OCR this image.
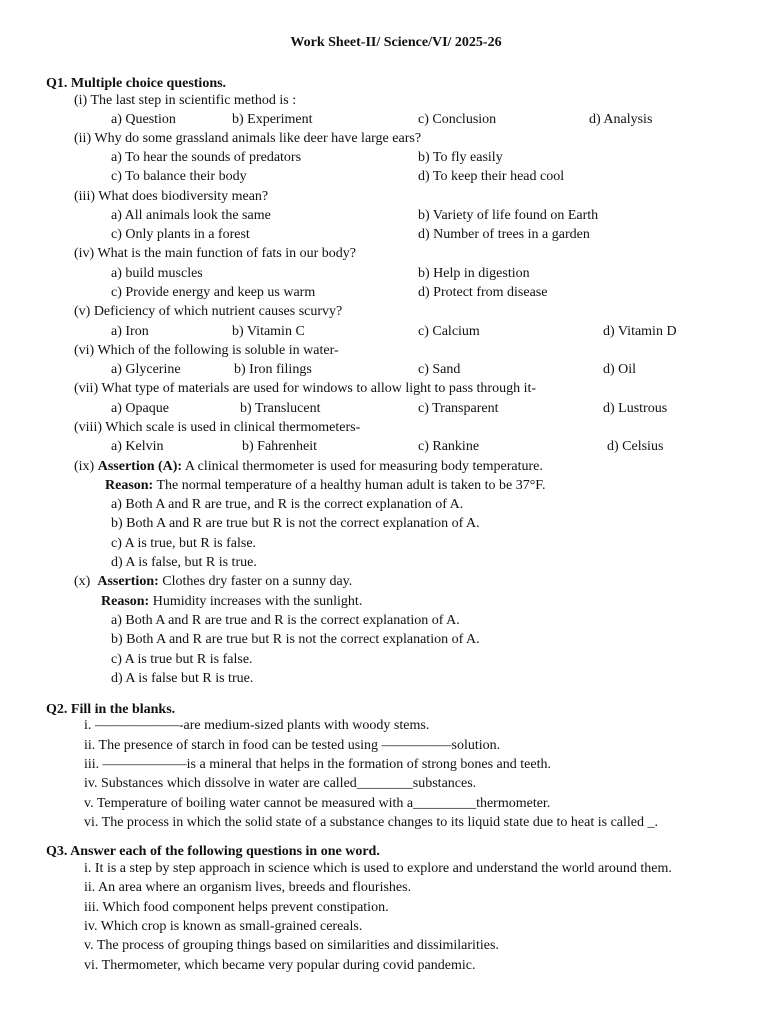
Work Sheet-II/ Science/VI/ 2025-26
Q1. Multiple choice questions.
(i) The last step in scientific method is :
a) Question	b) Experiment	c) Conclusion	d) Analysis
(ii) Why do some grassland animals like deer have large ears?
a) To hear the sounds of predators	b) To fly easily
c) To balance their body	d) To keep their head cool
(iii) What does biodiversity mean?
a) All animals look the same	b) Variety of life found on Earth
c) Only plants in a forest	d) Number of trees in a garden
(iv) What is the main function of fats in our body?
a) build muscles	b) Help in digestion
c) Provide energy and keep us warm	d) Protect from disease
(v) Deficiency of which nutrient causes scurvy?
a) Iron	b) Vitamin C	c) Calcium	d) Vitamin D
(vi) Which of the following is soluble in water-
a) Glycerine	b) Iron filings	c) Sand	d) Oil
(vii) What type of materials are used for windows to allow light to pass through it-
a) Opaque	b) Translucent	c) Transparent	d) Lustrous
(viii) Which scale is used in clinical thermometers-
a) Kelvin	b) Fahrenheit	c) Rankine	d) Celsius
(ix) Assertion (A): A clinical thermometer is used for measuring body temperature.
Reason: The normal temperature of a healthy human adult is taken to be 37°F.
a) Both A and R are true, and R is the correct explanation of A.
b) Both A and R are true but R is not the correct explanation of A.
c) A is true, but R is false.
d) A is false, but R is true.
(x) Assertion: Clothes dry faster on a sunny day.
Reason: Humidity increases with the sunlight.
a) Both A and R are true and R is the correct explanation of A.
b) Both A and R are true but R is not the correct explanation of A.
c) A is true but R is false.
d) A is false but R is true.
Q2. Fill in the blanks.
i. ——————-are medium-sized plants with woody stems.
ii. The presence of starch in food can be tested using —————solution.
iii. ——————is a mineral that helps in the formation of strong bones and teeth.
iv. Substances which dissolve in water are called________substances.
v. Temperature of boiling water cannot be measured with a_________thermometer.
vi. The process in which the solid state of a substance changes to its liquid state due to heat is called _.
Q3. Answer each of the following questions in one word.
i. It is a step by step approach in science which is used to explore and understand the world around them.
ii. An area where an organism lives, breeds and flourishes.
iii. Which food component helps prevent constipation.
iv. Which crop is known as small-grained cereals.
v. The process of grouping things based on similarities and dissimilarities.
vi. Thermometer, which became very popular during covid pandemic.
